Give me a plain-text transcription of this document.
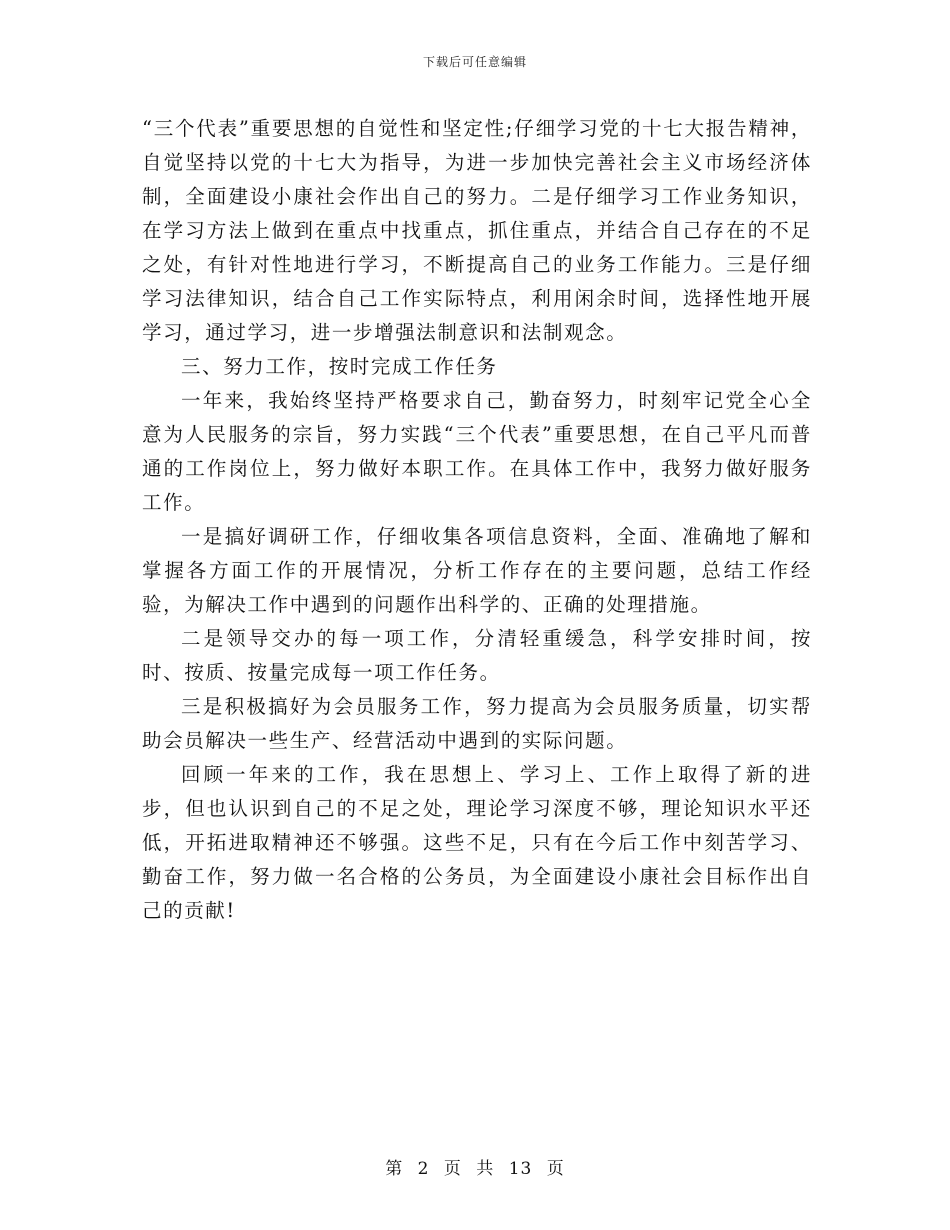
下载后可任意编辑

“三个代表”重要思想的自觉性和坚定性;仔细学习党的十七大报告精神，自觉坚持以党的十七大为指导，为进一步加快完善社会主义市场经济体制，全面建设小康社会作出自己的努力。二是仔细学习工作业务知识，在学习方法上做到在重点中找重点，抓住重点，并结合自己存在的不足之处，有针对性地进行学习，不断提高自己的业务工作能力。三是仔细学习法律知识，结合自己工作实际特点，利用闲余时间，选择性地开展学习，通过学习，进一步增强法制意识和法制观念。

三、努力工作，按时完成工作任务

一年来，我始终坚持严格要求自己，勤奋努力，时刻牢记党全心全意为人民服务的宗旨，努力实践“三个代表”重要思想，在自己平凡而普通的工作岗位上，努力做好本职工作。在具体工作中，我努力做好服务工作。

一是搞好调研工作，仔细收集各项信息资料，全面、准确地了解和掌握各方面工作的开展情况，分析工作存在的主要问题，总结工作经验，为解决工作中遇到的问题作出科学的、正确的处理措施。

二是领导交办的每一项工作，分清轻重缓急，科学安排时间，按时、按质、按量完成每一项工作任务。

三是积极搞好为会员服务工作，努力提高为会员服务质量，切实帮助会员解决一些生产、经营活动中遇到的实际问题。

回顾一年来的工作，我在思想上、学习上、工作上取得了新的进步，但也认识到自己的不足之处，理论学习深度不够，理论知识水平还低，开拓进取精神还不够强。这些不足，只有在今后工作中刻苦学习、勤奋工作，努力做一名合格的公务员，为全面建设小康社会目标作出自己的贡献!

第 2 页 共 13 页
